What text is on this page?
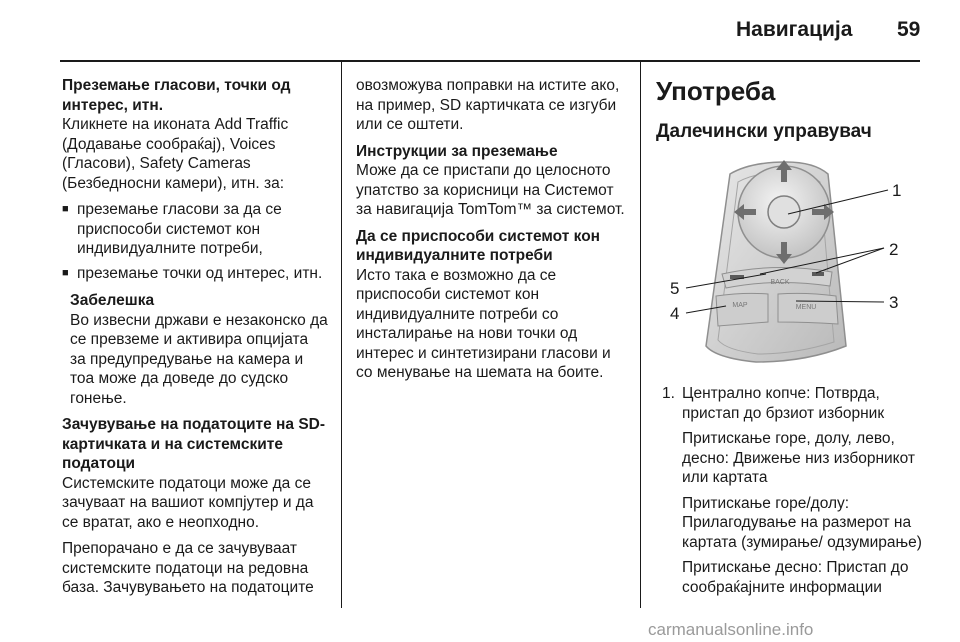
Навигација 59

Преземање гласови, точки од интерес, итн.

Кликнете на иконата Add Traffic (Додавање сообраќај), Voices (Гласови), Safety Cameras (Безбедносни камери), итн. за:

■ преземање гласови за да се приспособи системот кон индивидуалните потреби,
■ преземање точки од интерес, итн.
Забелешка

Во извесни држави е незаконско да се превземе и активира опцијата за предупредување на камера и тоа може да доведе до судско гонење.

Зачувување на податоците на SD-картичката и на системските податоци

Системските податоци може да се зачуваат на вашиот компјутер и да се вратат, ако е неопходно.

Препорачано е да се зачувуваат системските податоци на редовна база. Зачувувањето на податоците

овозможува поправки на истите ако, на пример, SD картичката се изгуби или се оштети.

Инструкции за преземање

Може да се пристапи до целосното упатство за корисници на Системот за навигација TomTom™ за системот.

Да се приспособи системот кон индивидуалните потреби

Исто така е возможно да се приспособи системот кон индивидуалните потреби со инсталирање на нови точки од интерес и синтетизирани гласови и со менување на шемата на боите.

Употреба
Далечински управувач
BACK
MAP	MENU
1
2
3
4
5
1. Централно копче: Потврда, пристап до брзиот изборник

Притискање горе, долу, лево, десно: Движење низ изборникот или картата

Притискање горе/долу: Прилагодување на размерот на картата (зумирање/ одзумирање)

Притискање десно: Пристап до сообраќајните информации

carmanualsonline.info
